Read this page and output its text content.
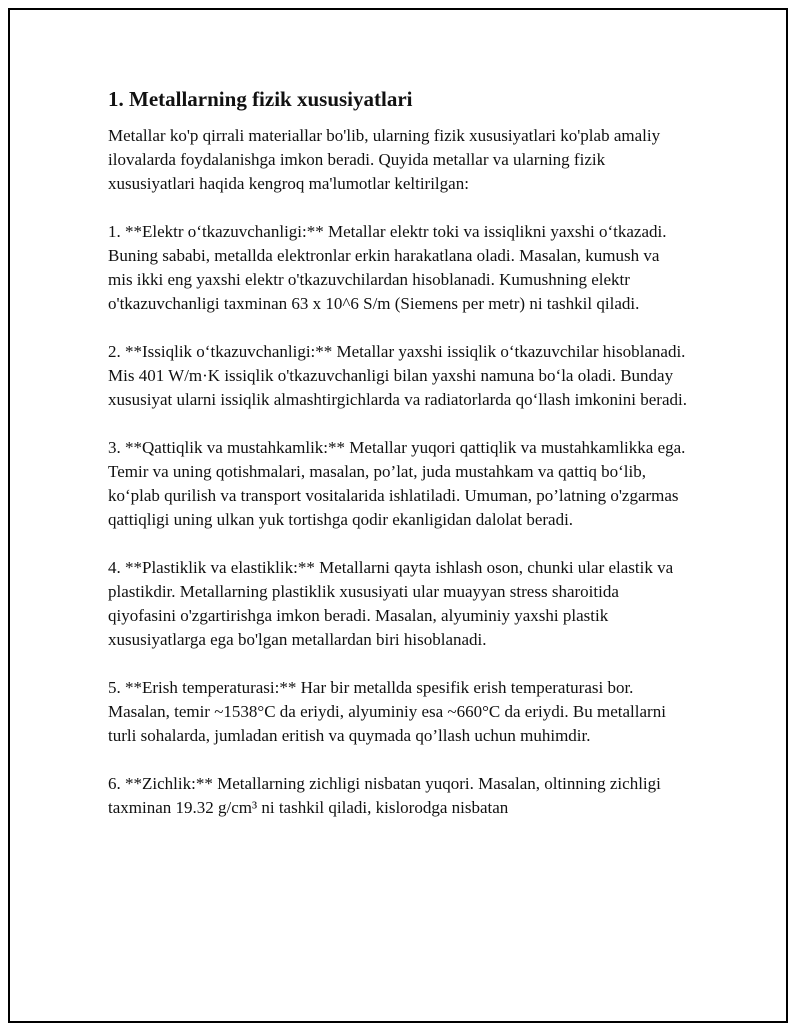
1. Metallarning fizik xususiyatlari

Metallar ko'p qirrali materiallar bo'lib, ularning fizik xususiyatlari ko'plab amaliy ilovalarda foydalanishga imkon beradi. Quyida metallar va ularning fizik xususiyatlari haqida kengroq ma'lumotlar keltirilgan:

1. **Elektr o‘tkazuvchanligi:** Metallar elektr toki va issiqlikni yaxshi o‘tkazadi. Buning sababi, metallda elektronlar erkin harakatlana oladi. Masalan, kumush va mis ikki eng yaxshi elektr o'tkazuvchilardan hisoblanadi. Kumushning elektr o'tkazuvchanligi taxminan 63 x 10^6 S/m (Siemens per metr) ni tashkil qiladi.

2. **Issiqlik o‘tkazuvchanligi:** Metallar yaxshi issiqlik o‘tkazuvchilar hisoblanadi. Mis 401 W/m·K issiqlik o'tkazuvchanligi bilan yaxshi namuna bo‘la oladi. Bunday xususiyat ularni issiqlik almashtirgichlarda va radiatorlarda qo‘llash imkonini beradi.

3. **Qattiqlik va mustahkamlik:** Metallar yuqori qattiqlik va mustahkamlikka ega. Temir va uning qotishmalari, masalan, po’lat, juda mustahkam va qattiq bo‘lib, ko‘plab qurilish va transport vositalarida ishlatiladi. Umuman, po’latning o'zgarmas qattiqligi uning ulkan yuk tortishga qodir ekanligidan dalolat beradi.

4. **Plastiklik va elastiklik:** Metallarni qayta ishlash oson, chunki ular elastik va plastikdir. Metallarning plastiklik xususiyati ular muayyan stress sharoitida qiyofasini o'zgartirishga imkon beradi. Masalan, alyuminiy yaxshi plastik xususiyatlarga ega bo'lgan metallardan biri hisoblanadi.

5. **Erish temperaturasi:** Har bir metallda spesifik erish temperaturasi bor. Masalan, temir ~1538°C da eriydi, alyuminiy esa ~660°C da eriydi. Bu metallarni turli sohalarda, jumladan eritish va quymada qo’llash uchun muhimdir.

6. **Zichlik:** Metallarning zichligi nisbatan yuqori. Masalan, oltinning zichligi taxminan 19.32 g/cm³ ni tashkil qiladi, kislorodga nisbatan
